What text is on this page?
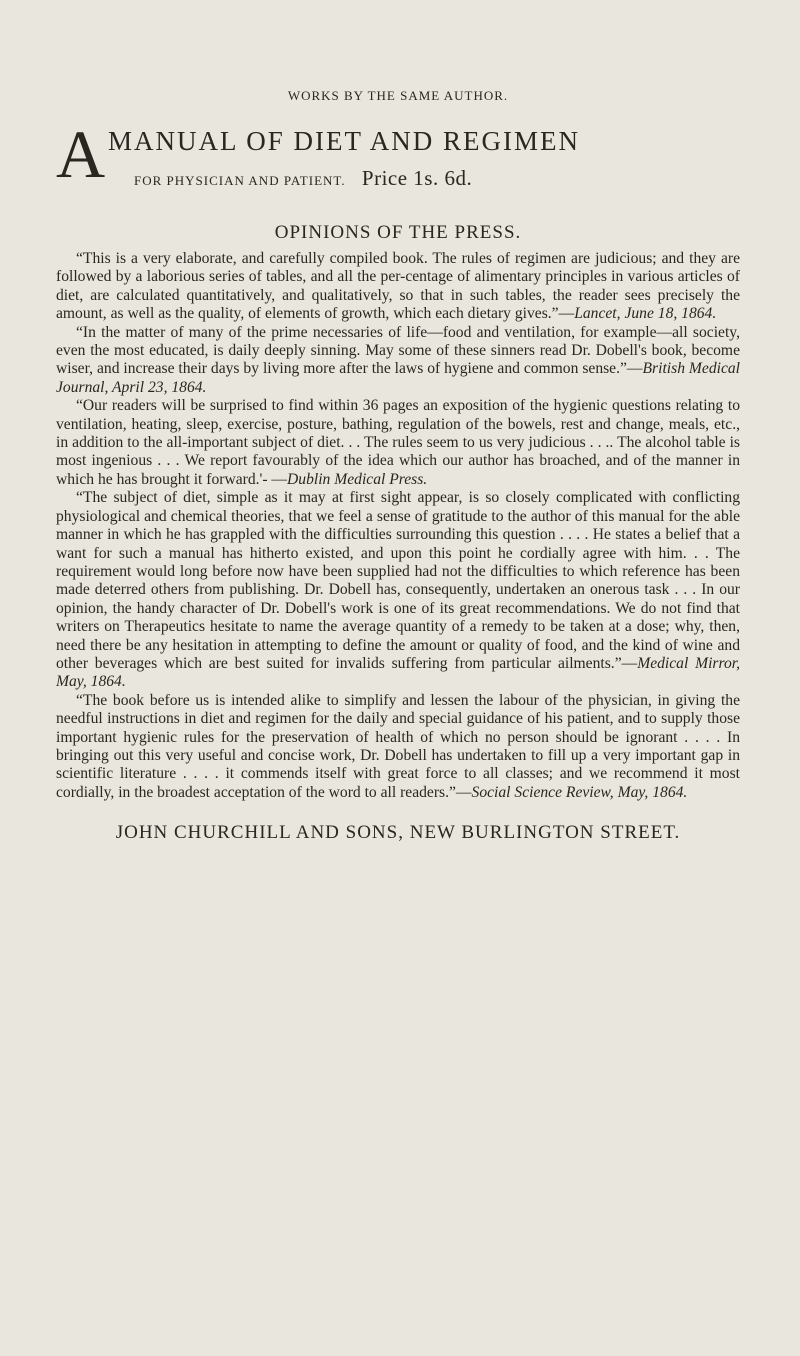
WORKS BY THE SAME AUTHOR.
A MANUAL OF DIET AND REGIMEN
FOR PHYSICIAN AND PATIENT. Price 1s. 6d.
OPINIONS OF THE PRESS.

“This is a very elaborate, and carefully compiled book. The rules of regimen are judicious; and they are followed by a laborious series of tables, and all the per-centage of alimentary principles in various articles of diet, are calculated quantitatively, and qualitatively, so that in such tables, the reader sees precisely the amount, as well as the quality, of elements of growth, which each dietary gives.”—Lancet, June 18, 1864.

“In the matter of many of the prime necessaries of life—food and ventilation, for example—all society, even the most educated, is daily deeply sinning. May some of these sinners read Dr. Dobell's book, become wiser, and increase their days by living more after the laws of hygiene and common sense.”—British Medical Journal, April 23, 1864.

“Our readers will be surprised to find within 36 pages an exposition of the hygienic questions relating to ventilation, heating, sleep, exercise, posture, bathing, regulation of the bowels, rest and change, meals, etc., in addition to the all-important subject of diet. . . The rules seem to us very judicious . . .. The alcohol table is most ingenious . . . We report favourably of the idea which our author has broached, and of the manner in which he has brought it forward.'- —Dublin Medical Press.

“The subject of diet, simple as it may at first sight appear, is so closely complicated with conflicting physiological and chemical theories, that we feel a sense of gratitude to the author of this manual for the able manner in which he has grappled with the difficulties surrounding this question . . . . He states a belief that a want for such a manual has hitherto existed, and upon this point he cordially agree with him. . . The requirement would long before now have been supplied had not the difficulties to which reference has been made deterred others from publishing. Dr. Dobell has, consequently, undertaken an onerous task . . . In our opinion, the handy character of Dr. Dobell's work is one of its great recommendations. We do not find that writers on Therapeutics hesitate to name the average quantity of a remedy to be taken at a dose; why, then, need there be any hesitation in attempting to define the amount or quality of food, and the kind of wine and other beverages which are best suited for invalids suffering from particular ailments.”—Medical Mirror, May, 1864.

“The book before us is intended alike to simplify and lessen the labour of the physician, in giving the needful instructions in diet and regimen for the daily and special guidance of his patient, and to supply those important hygienic rules for the preservation of health of which no person should be ignorant . . . . In bringing out this very useful and concise work, Dr. Dobell has undertaken to fill up a very important gap in scientific literature . . . . it commends itself with great force to all classes; and we recommend it most cordially, in the broadest acceptation of the word to all readers.”—Social Science Review, May, 1864.

JOHN CHURCHILL AND SONS, NEW BURLINGTON STREET.
